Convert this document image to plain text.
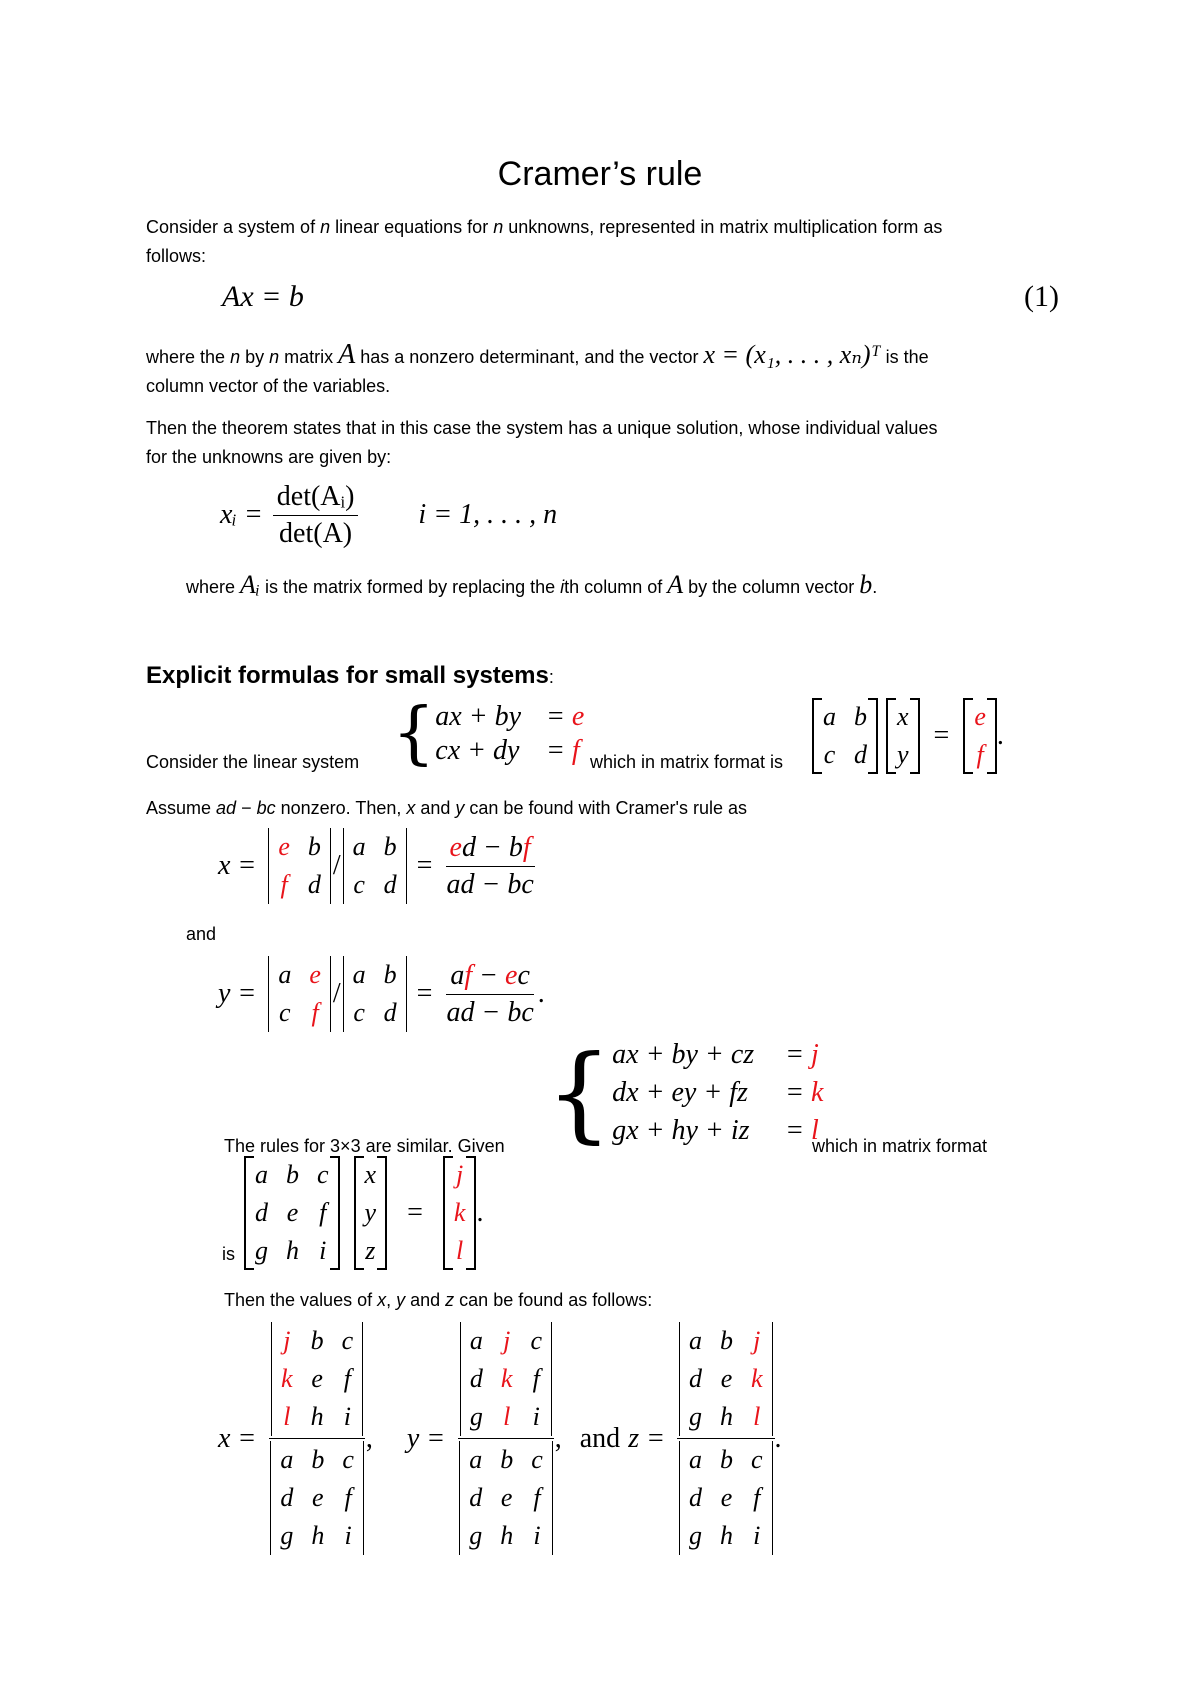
Cramer’s rule
Consider a system of n linear equations for n unknowns, represented in matrix multiplication form as
follows:
Ax = b	(1)
where the n by n matrix A has a nonzero determinant, and the vector x = (x₁, . . . , xₙ)ᵀ is the
column vector of the variables.
Then the theorem states that in this case the system has a unique solution, whose individual values
for the unknowns are given by:
xᵢ = $\frac{\text{det(Aᵢ)}}{\det(A)}$ i = 1, . . . , n
where Aᵢ is the matrix formed by replacing the ith column of A by the column vector b.
Explicit formulas for small systems:
Consider the linear system { ax + by	= e
cx + dy	= f which in matrix format is
a	b
c	d
x
y
=
e
f
.
Assume ad − bc nonzero. Then, x and y can be found with Cramer's rule as
x =
e	b
f	d
/
a	b
c	d
= $\frac{ed - bf}{ad - bc}$
and
y =
a	e
c	f
/
a	b
c	d
= $\frac{af - ec}{ad - bc}$ .
The rules for 3×3 are similar. Given { ax + by + cz	= j
dx + ey + fz	= k
gx + hy + iz	= l
which in matrix format
is
a	b	c
d	e	f
g	h	i
x
y
z
=
j
k
l
.
Then the values of x, y and z can be found as follows:
x = j	b	c
k	e	f
l	h	i
a	b	c
d	e	f
g	h	i , y = a	j	c
d	k	f
g	l	i
a	b	c
d	e	f
g	h	i , and z = a	b	j
d	e	k
g	h	l
a	b	c
d	e	f
g	h	i .
